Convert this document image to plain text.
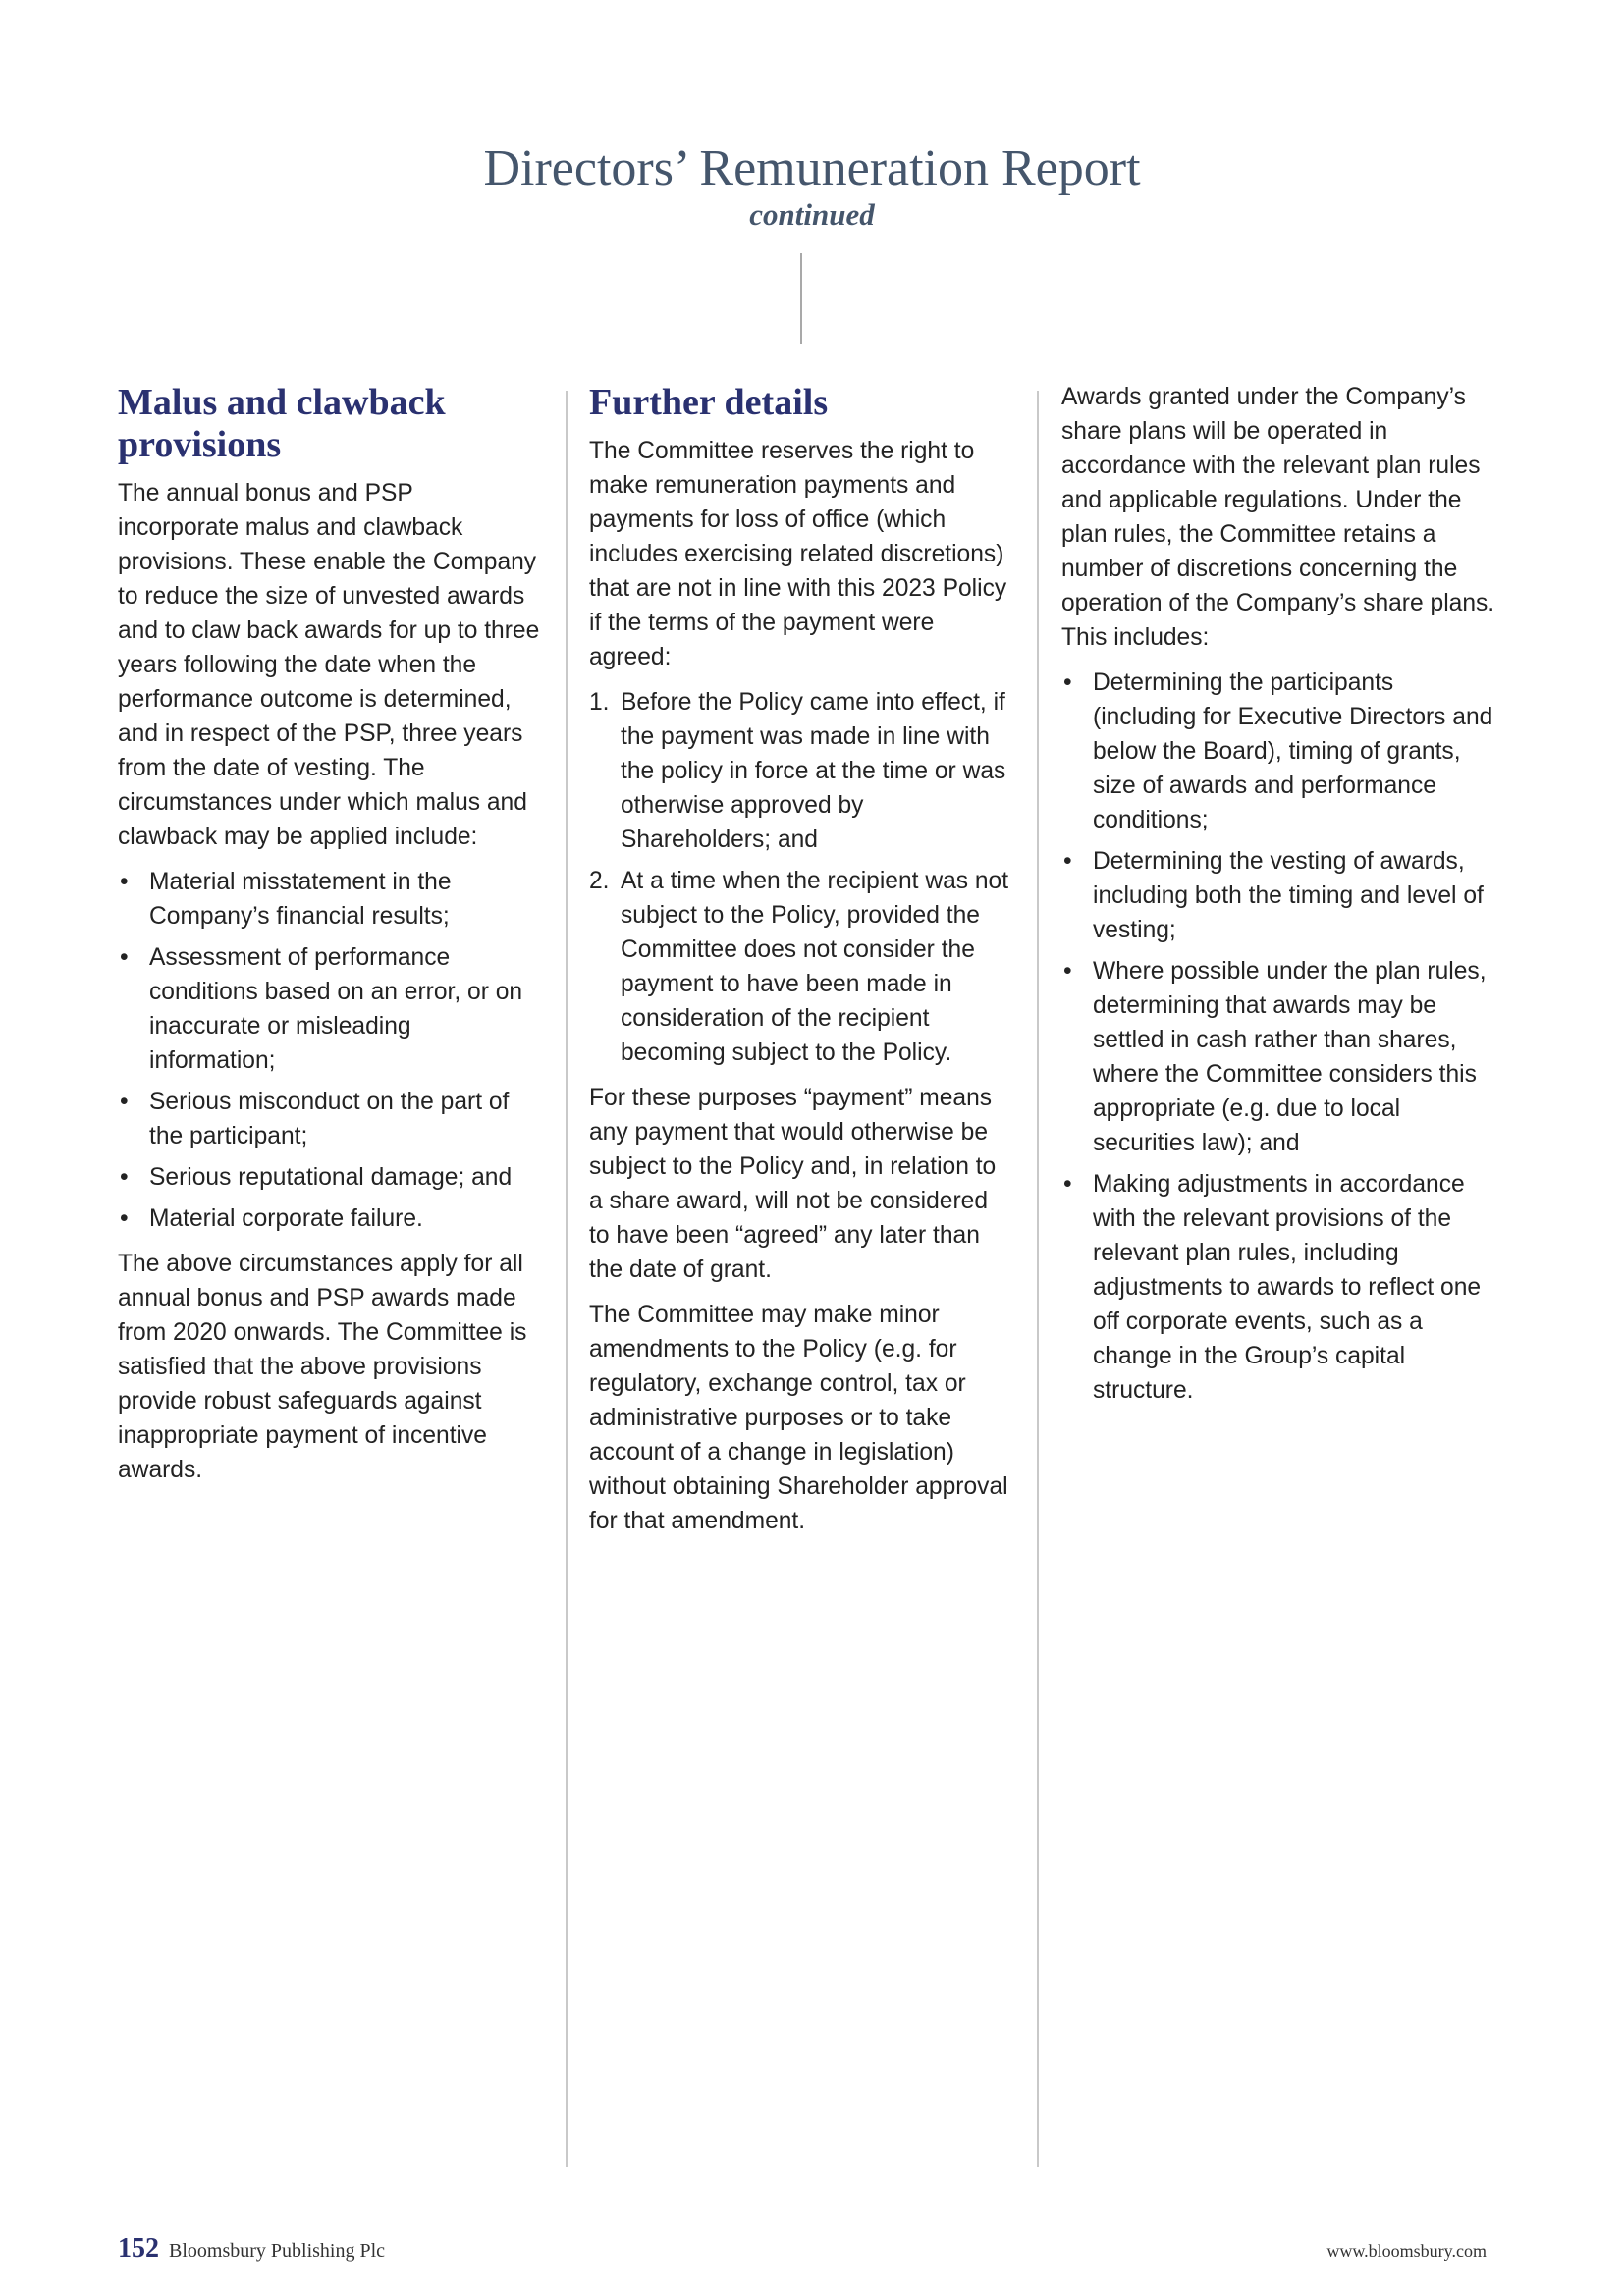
Directors’ Remuneration Report
continued
Malus and clawback provisions

The annual bonus and PSP incorporate malus and clawback provisions. These enable the Company to reduce the size of unvested awards and to claw back awards for up to three years following the date when the performance outcome is determined, and in respect of the PSP, three years from the date of vesting. The circumstances under which malus and clawback may be applied include:

• Material misstatement in the Company’s financial results;
• Assessment of performance conditions based on an error, or on inaccurate or misleading information;
• Serious misconduct on the part of the participant;
• Serious reputational damage; and
• Material corporate failure.

The above circumstances apply for all annual bonus and PSP awards made from 2020 onwards. The Committee is satisfied that the above provisions provide robust safeguards against inappropriate payment of incentive awards.

Further details

The Committee reserves the right to make remuneration payments and payments for loss of office (which includes exercising related discretions) that are not in line with this 2023 Policy if the terms of the payment were agreed:

1. Before the Policy came into effect, if the payment was made in line with the policy in force at the time or was otherwise approved by Shareholders; and
2. At a time when the recipient was not subject to the Policy, provided the Committee does not consider the payment to have been made in consideration of the recipient becoming subject to the Policy.

For these purposes “payment” means any payment that would otherwise be subject to the Policy and, in relation to a share award, will not be considered to have been “agreed” any later than the date of grant.

The Committee may make minor amendments to the Policy (e.g. for regulatory, exchange control, tax or administrative purposes or to take account of a change in legislation) without obtaining Shareholder approval for that amendment.

Awards granted under the Company’s share plans will be operated in accordance with the relevant plan rules and applicable regulations. Under the plan rules, the Committee retains a number of discretions concerning the operation of the Company’s share plans. This includes:

• Determining the participants (including for Executive Directors and below the Board), timing of grants, size of awards and performance conditions;
• Determining the vesting of awards, including both the timing and level of vesting;
• Where possible under the plan rules, determining that awards may be settled in cash rather than shares, where the Committee considers this appropriate (e.g. due to local securities law); and
• Making adjustments in accordance with the relevant provisions of the relevant plan rules, including adjustments to awards to reflect one off corporate events, such as a change in the Group’s capital structure.
152 Bloomsbury Publishing Plc	www.bloomsbury.com
